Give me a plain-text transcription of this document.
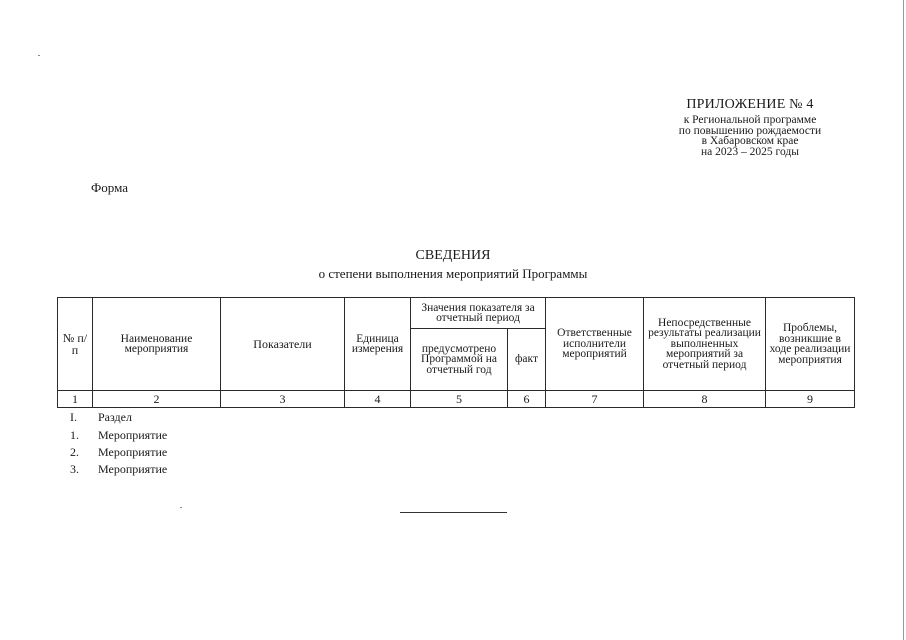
ПРИЛОЖЕНИЕ № 4
к Региональной программе
по повышению рождаемости
в Хабаровском крае
на 2023 – 2025 годы
Форма
СВЕДЕНИЯ
о степени выполнения мероприятий Программы
№ п/п	Наименование мероприятия	Показатели	Единица измерения	Значения показателя за отчетный период		Ответственные исполнители мероприятий	Непосредственные результаты реализации выполненных мероприятий за отчетный период	Проблемы, возникшие в ходе реализации мероприятия
				предусмотрено Программой на отчетный год	факт			
1	2	3	4	5	6	7	8	9
I. Раздел
1. Мероприятие
2. Мероприятие
3. Мероприятие
